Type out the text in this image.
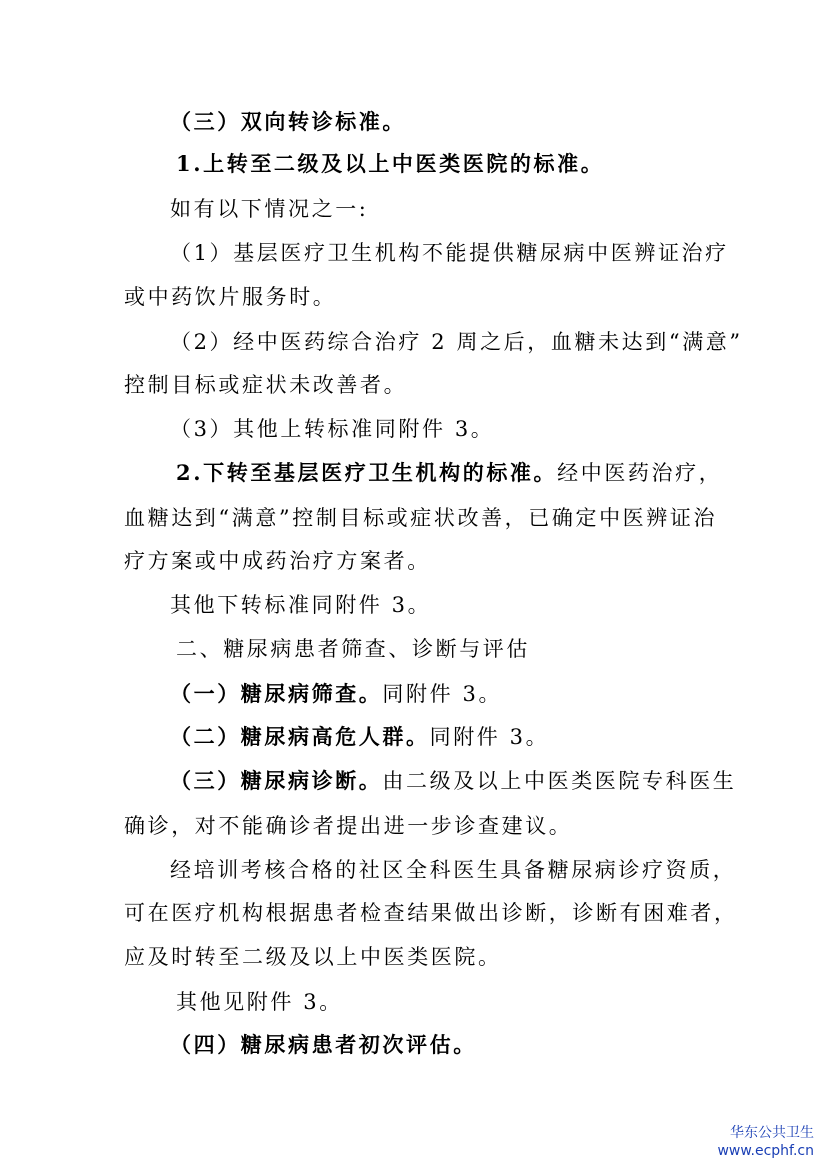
（三）双向转诊标准。
1.上转至二级及以上中医类医院的标准。
如有以下情况之一:
（1）基层医疗卫生机构不能提供糖尿病中医辨证治疗
或中药饮片服务时。
（2）经中医药综合治疗 2 周之后，血糖未达到“满意”
控制目标或症状未改善者。
（3）其他上转标准同附件 3。
2.下转至基层医疗卫生机构的标准。经中医药治疗，
血糖达到“满意”控制目标或症状改善，已确定中医辨证治
疗方案或中成药治疗方案者。
其他下转标准同附件 3。
二、糖尿病患者筛查、诊断与评估
（一）糖尿病筛查。同附件 3。
（二）糖尿病高危人群。同附件 3。
（三）糖尿病诊断。由二级及以上中医类医院专科医生
确诊，对不能确诊者提出进一步诊查建议。
经培训考核合格的社区全科医生具备糖尿病诊疗资质，
可在医疗机构根据患者检查结果做出诊断，诊断有困难者，
应及时转至二级及以上中医类医院。
其他见附件 3。
（四）糖尿病患者初次评估。
华东公共卫生
www.ecphf.cn
